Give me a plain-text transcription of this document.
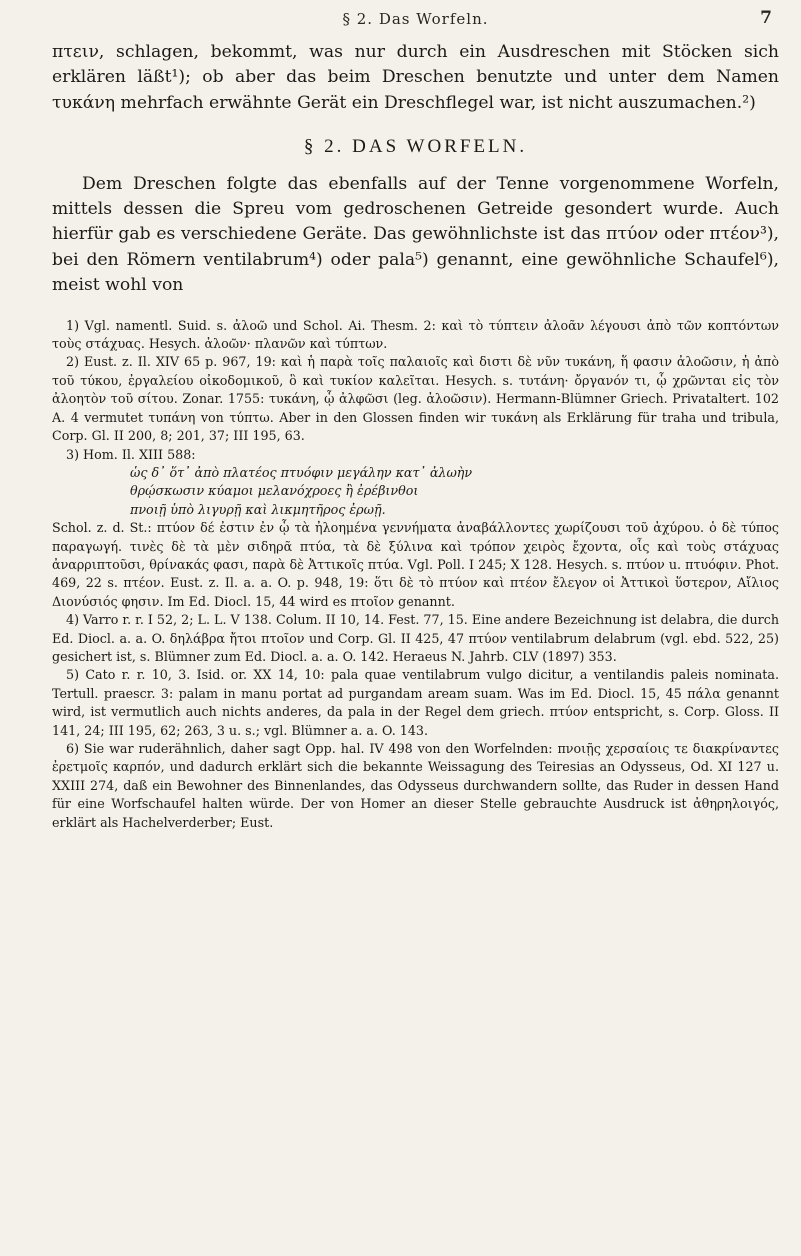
§ 2. Das Worfeln.	7

πτειν, schlagen, bekommt, was nur durch ein Ausdreschen mit Stöcken sich erklären läßt¹); ob aber das beim Dreschen benutzte und unter dem Namen τυκάνη mehrfach erwähnte Gerät ein Dreschflegel war, ist nicht auszumachen.²)

§ 2. DAS WORFELN.

Dem Dreschen folgte das ebenfalls auf der Tenne vorgenommene Worfeln, mittels dessen die Spreu vom gedroschenen Getreide gesondert wurde. Auch hierfür gab es verschiedene Geräte. Das gewöhnlichste ist das πτύον oder πτέον³), bei den Römern ventilabrum⁴) oder pala⁵) genannt, eine gewöhnliche Schaufel⁶), meist wohl von

1) Vgl. namentl. Suid. s. ἀλοῶ und Schol. Ai. Thesm. 2: καὶ τὸ τύπτειν ἀλοᾶν λέγουσι ἀπὸ τῶν κοπτόντων τοὺς στάχυας. Hesych. ἀλοῶν· πλανῶν καὶ τύπτων.

2) Eust. z. Il. XIV 65 p. 967, 19: καὶ ἡ παρὰ τοῖς παλαιοῖς καὶ διστι δὲ νῦν τυκάνη, ἥ φασιν ἀλοῶσιν, ἡ ἀπὸ τοῦ τύκου, ἐργαλείου οἰκοδομικοῦ, ὃ καὶ τυκίον καλεῖται. Hesych. s. τυτάνη· ὄργανόν τι, ᾧ χρῶνται εἰς τὸν ἀλοητὸν τοῦ σίτου. Zonar. 1755: τυκάνη, ᾧ ἀλφῶσι (leg. ἀλοῶσιν). Hermann-Blümner Griech. Privataltert. 102 A. 4 vermutet τυπάνη von τύπτω. Aber in den Glossen finden wir τυκάνη als Erklärung für traha und tribula, Corp. Gl. II 200, 8; 201, 37; III 195, 63.

3) Hom. Il. XIII 588:

ὡς δ᾽ ὅτ᾽ ἀπὸ πλατέος πτυόφιν μεγάλην κατ᾽ ἀλωὴν

θρῴσκωσιν κύαμοι μελανόχροες ἢ ἐρέβινθοι

πνοιῇ ὑπὸ λιγυρῇ καὶ λικμητῆρος ἐρωῇ.

Schol. z. d. St.: πτύον δέ ἐστιν ἐν ᾧ τὰ ἠλοημένα γεννήματα ἀναβάλλοντες χωρίζουσι τοῦ ἀχύρου. ὁ δὲ τύπος παραγωγή. τινὲς δὲ τὰ μὲν σιδηρᾶ πτύα, τὰ δὲ ξύλινα καὶ τρόπον χειρὸς ἔχοντα, οἷς καὶ τοὺς στάχυας ἀναρριπτοῦσι, θρίνακάς φασι, παρὰ δὲ Ἀττικοῖς πτύα. Vgl. Poll. I 245; X 128. Hesych. s. πτύον u. πτυόφιν. Phot. 469, 22 s. πτέον. Eust. z. Il. a. a. O. p. 948, 19: ὅτι δὲ τὸ πτύον καὶ πτέον ἔλεγον οἱ Ἀττικοὶ ὕστερον, Αἴλιος Διονύσιός φησιν. Im Ed. Diocl. 15, 44 wird es πτοῖον genannt.

4) Varro r. r. I 52, 2; L. L. V 138. Colum. II 10, 14. Fest. 77, 15. Eine andere Bezeichnung ist delabra, die durch Ed. Diocl. a. a. O. δηλάβρα ἤτοι πτοῖον und Corp. Gl. II 425, 47 πτύον ventilabrum delabrum (vgl. ebd. 522, 25) gesichert ist, s. Blümner zum Ed. Diocl. a. a. O. 142. Heraeus N. Jahrb. CLV (1897) 353.

5) Cato r. r. 10, 3. Isid. or. XX 14, 10: pala quae ventilabrum vulgo dicitur, a ventilandis paleis nominata. Tertull. praescr. 3: palam in manu portat ad purgandam aream suam. Was im Ed. Diocl. 15, 45 πάλα genannt wird, ist vermutlich auch nichts anderes, da pala in der Regel dem griech. πτύον entspricht, s. Corp. Gloss. II 141, 24; III 195, 62; 263, 3 u. s.; vgl. Blümner a. a. O. 143.

6) Sie war ruderähnlich, daher sagt Opp. hal. IV 498 von den Worfelnden: πνοιῇς χερσαίοις τε διακρίναντες ἐρετμοῖς καρπόν, und dadurch erklärt sich die bekannte Weissagung des Teiresias an Odysseus, Od. XI 127 u. XXIII 274, daß ein Bewohner des Binnenlandes, das Odysseus durchwandern sollte, das Ruder in dessen Hand für eine Worfschaufel halten würde. Der von Homer an dieser Stelle gebrauchte Ausdruck ist ἀθηρηλοιγός, erklärt als Hachelverderber; Eust.
